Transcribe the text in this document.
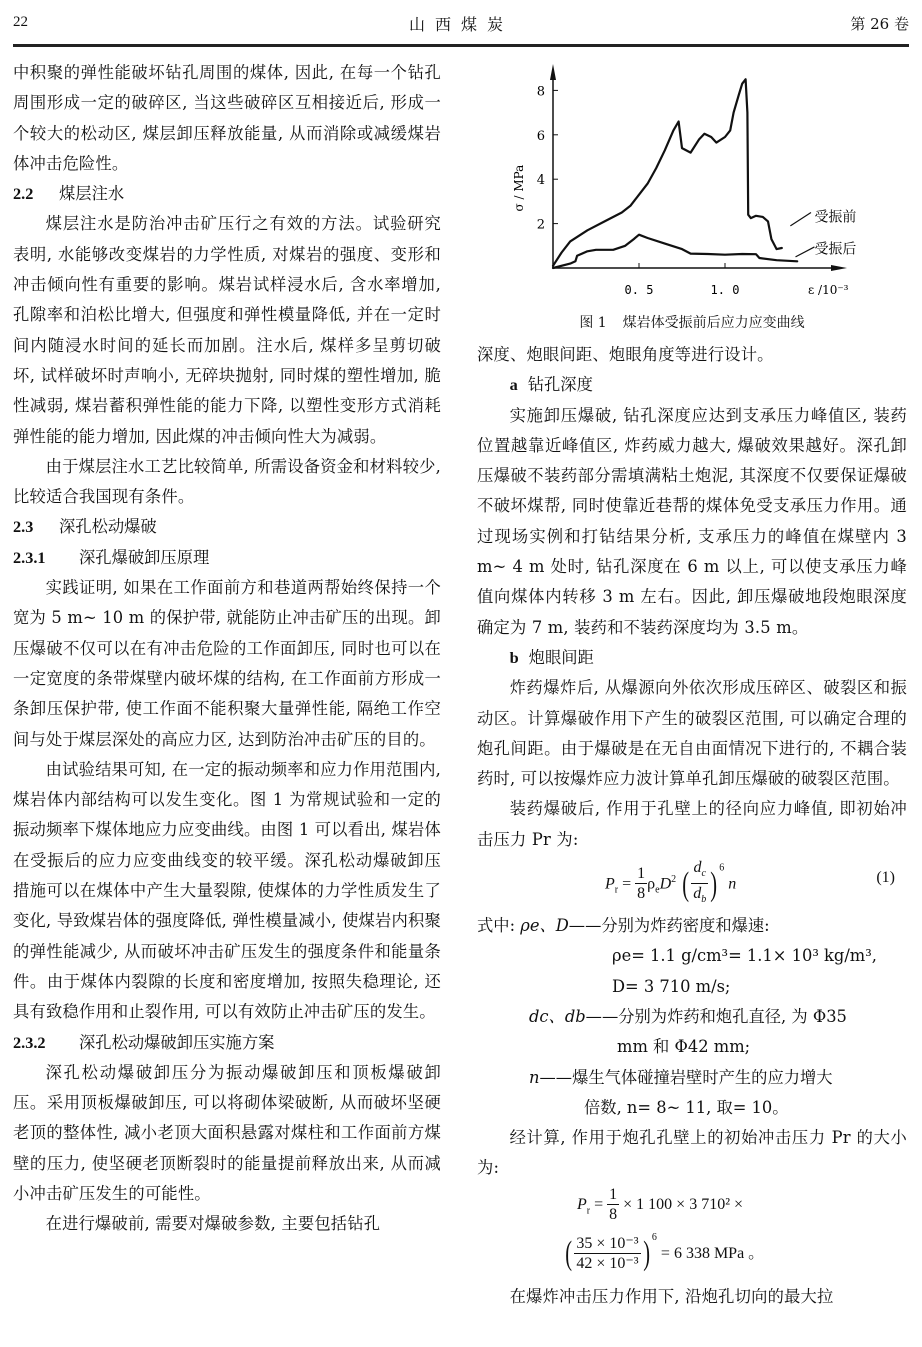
22	山西煤炭	第 26 卷

中积聚的弹性能破坏钻孔周围的煤体, 因此, 在每一个钻孔周围形成一定的破碎区, 当这些破碎区互相接近后, 形成一个较大的松动区, 煤层卸压释放能量, 从而消除或减缓煤岩体冲击危险性。

2.2 煤层注水

煤层注水是防治冲击矿压行之有效的方法。试验研究表明, 水能够改变煤岩的力学性质, 对煤岩的强度、变形和冲击倾向性有重要的影响。煤岩试样浸水后, 含水率增加, 孔隙率和泊松比增大, 但强度和弹性模量降低, 并在一定时间内随浸水时间的延长而加剧。注水后, 煤样多呈剪切破坏, 试样破坏时声响小, 无碎块抛射, 同时煤的塑性增加, 脆性减弱, 煤岩蓄积弹性能的能力下降, 以塑性变形方式消耗弹性能的能力增加, 因此煤的冲击倾向性大为减弱。

由于煤层注水工艺比较简单, 所需设备资金和材料较少, 比较适合我国现有条件。

2.3 深孔松动爆破
2.3.1 深孔爆破卸压原理

实践证明, 如果在工作面前方和巷道两帮始终保持一个宽为 5 m~ 10 m 的保护带, 就能防止冲击矿压的出现。卸压爆破不仅可以在有冲击危险的工作面卸压, 同时也可以在一定宽度的条带煤壁内破坏煤的结构, 在工作面前方形成一条卸压保护带, 使工作面不能积聚大量弹性能, 隔绝工作空间与处于煤层深处的高应力区, 达到防治冲击矿压的目的。

由试验结果可知, 在一定的振动频率和应力作用范围内, 煤岩体内部结构可以发生变化。图 1 为常规试验和一定的振动频率下煤体地应力应变曲线。由图 1 可以看出, 煤岩体在受振后的应力应变曲线变的较平缓。深孔松动爆破卸压措施可以在煤体中产生大量裂隙, 使煤体的力学性质发生了变化, 导致煤岩体的强度降低, 弹性模量减小, 使煤岩内积聚的弹性能减少, 从而破坏冲击矿压发生的强度条件和能量条件。由于煤体内裂隙的长度和密度增加, 按照失稳理论, 还具有致稳作用和止裂作用, 可以有效防止冲击矿压的发生。

2.3.2 深孔松动爆破卸压实施方案

深孔松动爆破卸压分为振动爆破卸压和顶板爆破卸压。采用顶板爆破卸压, 可以将砌体梁破断, 从而破坏坚硬老顶的整体性, 减小老顶大面积悬露对煤柱和工作面前方煤壁的压力, 使坚硬老顶断裂时的能量提前释放出来, 从而减小冲击矿压发生的可能性。

在进行爆破前, 需要对爆破参数, 主要包括钻孔

2
4
6
8
0. 5	1. 0
σ / MPa
ε /10⁻³
受振前
受振后
图 1 煤岩体受振前后应力应变曲线

深度、炮眼间距、炮眼角度等进行设计。

a 钻孔深度

实施卸压爆破, 钻孔深度应达到支承压力峰值区, 装药位置越靠近峰值区, 炸药威力越大, 爆破效果越好。深孔卸压爆破不装药部分需填满粘土炮泥, 其深度不仅要保证爆破不破坏煤帮, 同时使靠近巷帮的煤体免受支承压力作用。通过现场实例和打钻结果分析, 支承压力的峰值在煤壁内 3 m~ 4 m 处时, 钻孔深度在 6 m 以上, 可以使支承压力峰值向煤体内转移 3 m 左右。因此, 卸压爆破地段炮眼深度确定为 7 m, 装药和不装药深度均为 3.5 m。

b 炮眼间距

炸药爆炸后, 从爆源向外依次形成压碎区、破裂区和振动区。计算爆破作用下产生的破裂区范围, 可以确定合理的炮孔间距。由于爆破是在无自由面情况下进行的, 不耦合装药时, 可以按爆炸应力波计算单孔卸压爆破的破裂区范围。

装药爆破后, 作用于孔壁上的径向应力峰值, 即初始冲击压力 Pr 为:

$P_r = \frac{1}{8} \rho_eD^2$ ( $\frac{d_c}{d_b}$ ) $^6$ n	(1)
式中: ρe、D——分别为炸药密度和爆速:
ρe= 1.1 g/cm³= 1.1× 10³ kg/m³,
D= 3 710 m/s;
dc、db——分别为炸药和炮孔直径, 为 Φ35
mm 和 Φ42 mm;
n——爆生气体碰撞岩壁时产生的应力增大
倍数, n= 8~ 11, 取= 10。

经计算, 作用于炮孔孔壁上的初始冲击压力 Pr 的大小为:

$P_r = \frac{1}{8} \times 1$ 100 × 3 710² ×
( $\frac{\text{35 × 10⁻³}}{\text{42 × 10⁻³}}$ ) $^6$ = 6 338 MPa 。

在爆炸冲击压力作用下, 沿炮孔切向的最大拉
